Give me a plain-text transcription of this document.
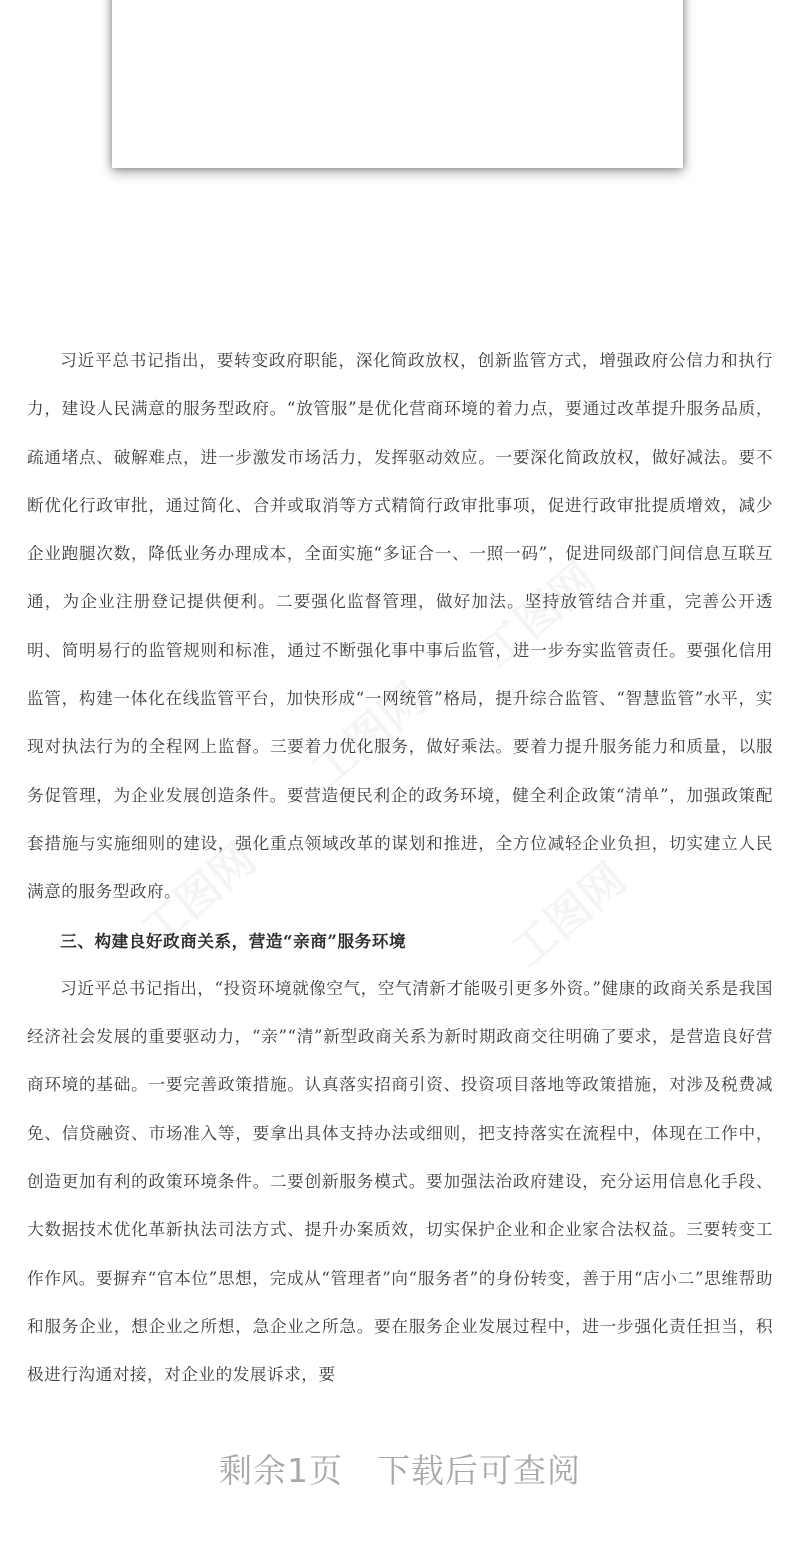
习近平总书记指出，要转变政府职能，深化简政放权，创新监管方式，增强政府公信力和执行力，建设人民满意的服务型政府。“放管服”是优化营商环境的着力点，要通过改革提升服务品质，疏通堵点、破解难点，进一步激发市场活力，发挥驱动效应。一要深化简政放权，做好减法。要不断优化行政审批，通过简化、合并或取消等方式精简行政审批事项，促进行政审批提质增效，减少企业跑腿次数，降低业务办理成本，全面实施“多证合一、一照一码”，促进同级部门间信息互联互通，为企业注册登记提供便利。二要强化监督管理，做好加法。坚持放管结合并重，完善公开透明、简明易行的监管规则和标准，通过不断强化事中事后监管，进一步夯实监管责任。要强化信用监管，构建一体化在线监管平台，加快形成“一网统管”格局，提升综合监管、“智慧监管”水平，实现对执法行为的全程网上监督。三要着力优化服务，做好乘法。要着力提升服务能力和质量，以服务促管理，为企业发展创造条件。要营造便民利企的政务环境，健全利企政策“清单”，加强政策配套措施与实施细则的建设，强化重点领域改革的谋划和推进，全方位减轻企业负担，切实建立人民满意的服务型政府。

三、构建良好政商关系，营造“亲商”服务环境

习近平总书记指出，“投资环境就像空气，空气清新才能吸引更多外资。”健康的政商关系是我国经济社会发展的重要驱动力，“亲”“清”新型政商关系为新时期政商交往明确了要求，是营造良好营商环境的基础。一要完善政策措施。认真落实招商引资、投资项目落地等政策措施，对涉及税费减免、信贷融资、市场准入等，要拿出具体支持办法或细则，把支持落实在流程中，体现在工作中，创造更加有利的政策环境条件。二要创新服务模式。要加强法治政府建设，充分运用信息化手段、大数据技术优化革新执法司法方式、提升办案质效，切实保护企业和企业家合法权益。三要转变工作作风。要摒弃“官本位”思想，完成从“管理者”向“服务者”的身份转变，善于用“店小二”思维帮助和服务企业，想企业之所想，急企业之所急。要在服务企业发展过程中，进一步强化责任担当，积极进行沟通对接，对企业的发展诉求，要

剩余1页 下载后可查阅
